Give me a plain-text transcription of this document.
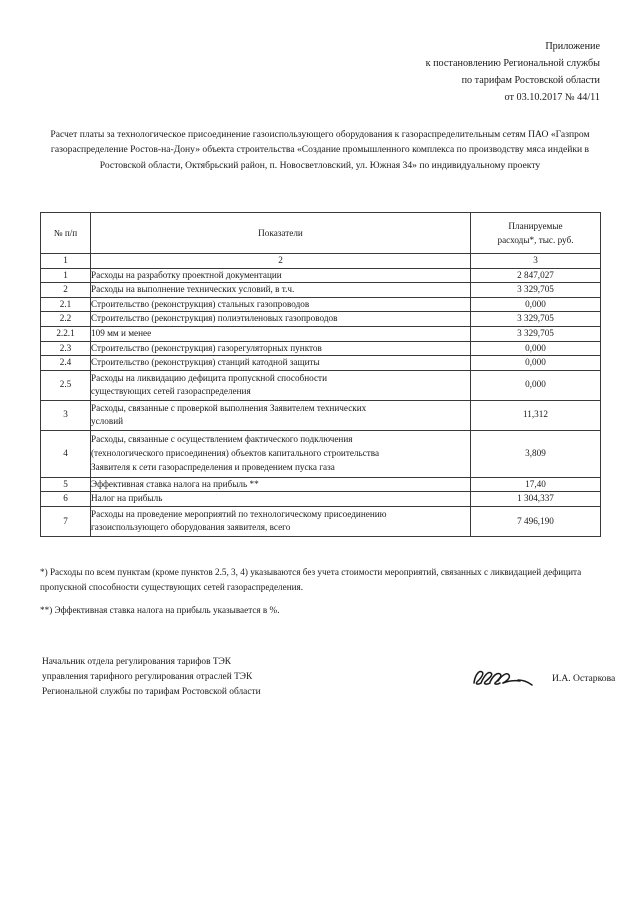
Приложение
к постановлению Региональной службы
по тарифам Ростовской области
от 03.10.2017 № 44/11
Расчет платы за технологическое присоединение газоиспользующего оборудования к газораспределительным сетям ПАО «Газпром газораспределение Ростов-на-Дону» объекта строительства «Создание промышленного комплекса по производству мяса индейки в Ростовской области, Октябрьский район, п. Новосветловский, ул. Южная 34» по индивидуальному проекту
№ п/п	Показатели	Планируемые
расходы*, тыс. руб.

1	2	3
1	Расходы на разработку проектной документации	2 847,027
2	Расходы на выполнение технических условий, в т.ч.	3 329,705
2.1	Строительство (реконструкция) стальных газопроводов	0,000
2.2	Строительство (реконструкция) полиэтиленовых газопроводов	3 329,705
2.2.1	109 мм и менее	3 329,705
2.3	Строительство (реконструкция) газорегуляторных пунктов	0,000
2.4	Строительство (реконструкция) станций катодной защиты	0,000
2.5	Расходы на ликвидацию дефицита пропускной способности
существующих сетей газораспределения	0,000
3	Расходы, связанные с проверкой выполнения Заявителем технических
условий	11,312
4	Расходы, связанные с осуществлением фактического подключения
(технологического присоединения) объектов капитального строительства
Заявителя к сети газораспределения и проведением пуска газа	3,809
5	Эффективная ставка налога на прибыль **	17,40
6	Налог на прибыль	1 304,337
7	Расходы на проведение мероприятий по технологическому присоединению
газоиспользующего оборудования заявителя, всего	7 496,190

*) Расходы по всем пунктам (кроме пунктов 2.5, 3, 4) указываются без учета стоимости мероприятий, связанных с ликвидацией дефицита пропускной способности существующих сетей газораспределения.

**) Эффективная ставка налога на прибыль указывается в %.

Начальник отдела регулирования тарифов ТЭК
управления тарифного регулирования отраслей ТЭК
Региональной службы по тарифам Ростовской области
И.А. Остаркова
